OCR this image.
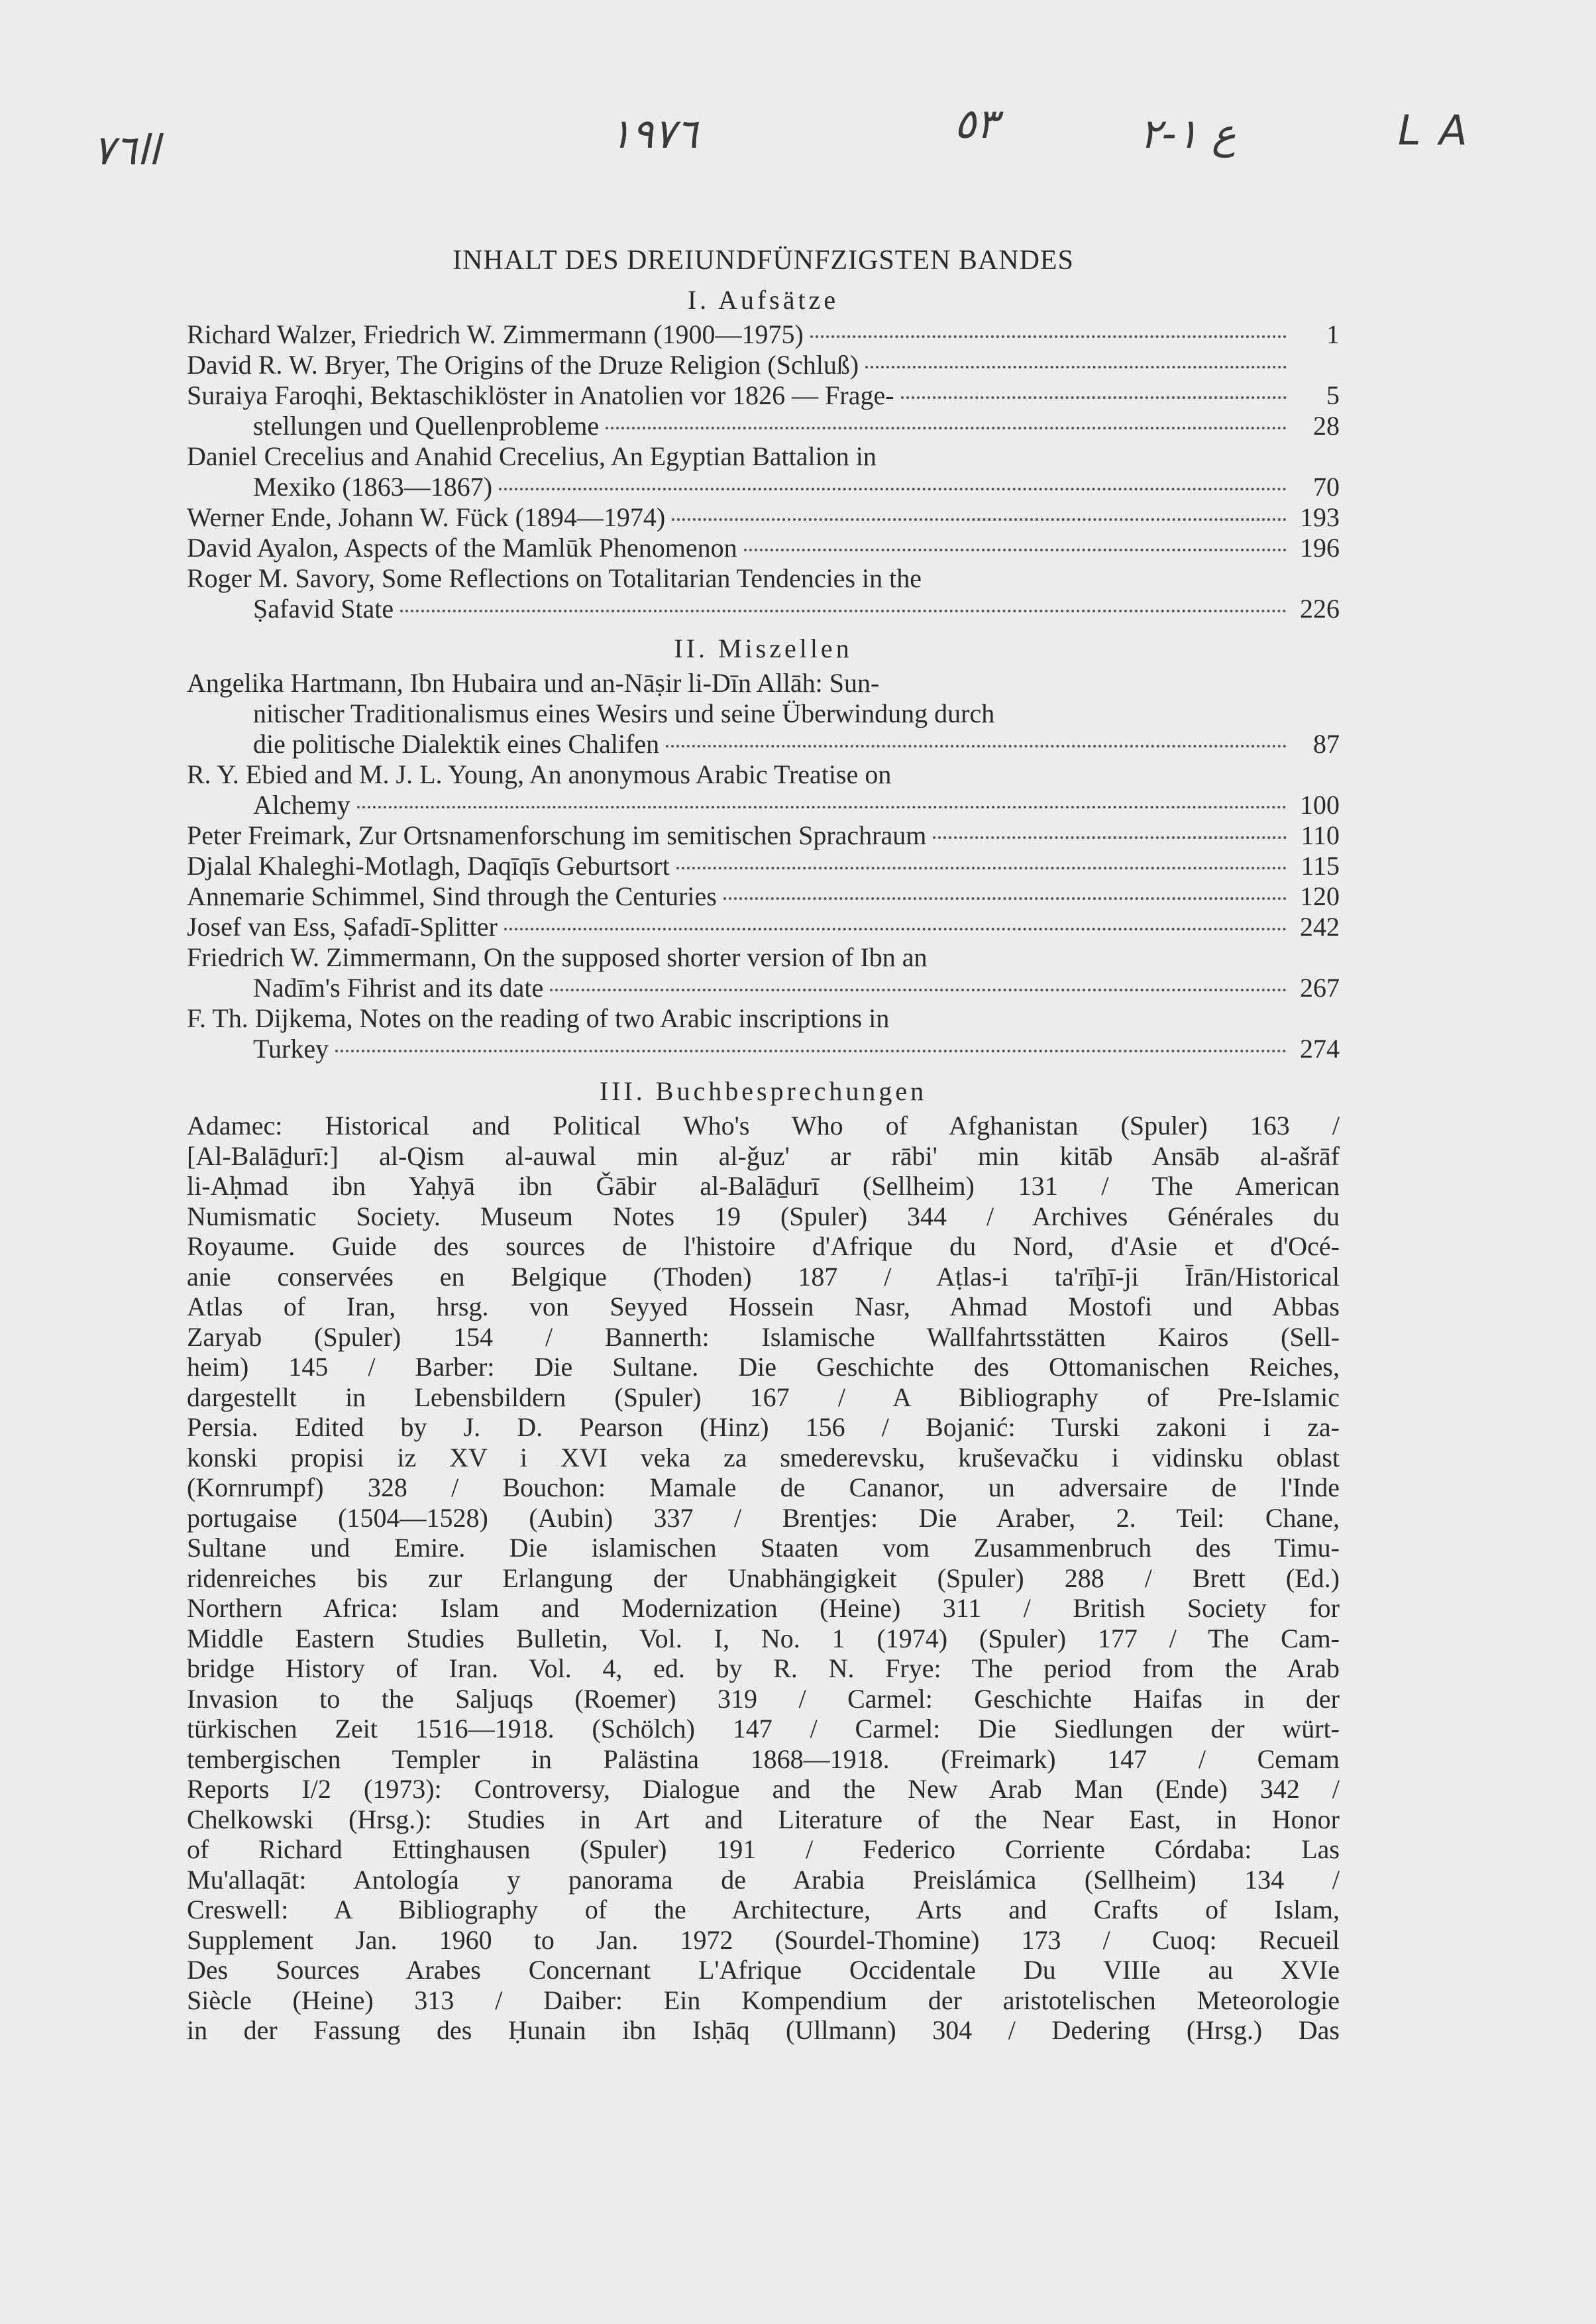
ﺍﺍ٧٦	١٩٧٦	٥٣	ع ١-٢	L A
INHALT DES DREIUNDFÜNFZIGSTEN BANDES
I. Aufsätze
Richard Walzer, Friedrich W. Zimmermann (1900—1975)	1
David R. W. Bryer, The Origins of the Druze Religion (Schluß)
Suraiya Faroqhi, Bektaschiklöster in Anatolien vor 1826 — Frage-	5
stellungen und Quellenprobleme	28
Daniel Crecelius and Anahid Crecelius, An Egyptian Battalion in
Mexiko (1863—1867)	70
Werner Ende, Johann W. Fück (1894—1974)	193
David Ayalon, Aspects of the Mamlūk Phenomenon	196
Roger M. Savory, Some Reflections on Totalitarian Tendencies in the
Ṣafavid State	226
II. Miszellen
Angelika Hartmann, Ibn Hubaira und an-Nāṣir li-Dīn Allāh: Sun-
nitischer Traditionalismus eines Wesirs und seine Überwindung durch
die politische Dialektik eines Chalifen	87
R. Y. Ebied and M. J. L. Young, An anonymous Arabic Treatise on
Alchemy	100
Peter Freimark, Zur Ortsnamenforschung im semitischen Sprachraum	110
Djalal Khaleghi-Motlagh, Daqīqīs Geburtsort	115
Annemarie Schimmel, Sind through the Centuries	120
Josef van Ess, Ṣafadī-Splitter	242
Friedrich W. Zimmermann, On the supposed shorter version of Ibn an
Nadīm's Fihrist and its date	267
F. Th. Dijkema, Notes on the reading of two Arabic inscriptions in
Turkey	274
III. Buchbesprechungen
Adamec: Historical and Political Who's Who of Afghanistan (Spuler) 163 /
[Al-Balāḏurī:] al-Qism al-auwal min al-ǧuz' ar rābi' min kitāb Ansāb al-ašrāf
li-Aḥmad ibn Yaḥyā ibn Ǧābir al-Balāḏurī (Sellheim) 131 / The American
Numismatic Society. Museum Notes 19 (Spuler) 344 / Archives Générales du
Royaume. Guide des sources de l'histoire d'Afrique du Nord, d'Asie et d'Océ-
anie conservées en Belgique (Thoden) 187 / Aṭlas-i ta'rīḫī-ji Īrān/Historical
Atlas of Iran, hrsg. von Seyyed Hossein Nasr, Ahmad Mostofi und Abbas
Zaryab (Spuler) 154 / Bannerth: Islamische Wallfahrtsstätten Kairos (Sell-
heim) 145 / Barber: Die Sultane. Die Geschichte des Ottomanischen Reiches,
dargestellt in Lebensbildern (Spuler) 167 / A Bibliography of Pre-Islamic
Persia. Edited by J. D. Pearson (Hinz) 156 / Bojanić: Turski zakoni i za-
konski propisi iz XV i XVI veka za smederevsku, kruševačku i vidinsku oblast
(Kornrumpf) 328 / Bouchon: Mamale de Cananor, un adversaire de l'Inde
portugaise (1504—1528) (Aubin) 337 / Brentjes: Die Araber, 2. Teil: Chane,
Sultane und Emire. Die islamischen Staaten vom Zusammenbruch des Timu-
ridenreiches bis zur Erlangung der Unabhängigkeit (Spuler) 288 / Brett (Ed.)
Northern Africa: Islam and Modernization (Heine) 311 / British Society for
Middle Eastern Studies Bulletin, Vol. I, No. 1 (1974) (Spuler) 177 / The Cam-
bridge History of Iran. Vol. 4, ed. by R. N. Frye: The period from the Arab
Invasion to the Saljuqs (Roemer) 319 / Carmel: Geschichte Haifas in der
türkischen Zeit 1516—1918. (Schölch) 147 / Carmel: Die Siedlungen der würt-
tembergischen Templer in Palästina 1868—1918. (Freimark) 147 / Cemam
Reports I/2 (1973): Controversy, Dialogue and the New Arab Man (Ende) 342 /
Chelkowski (Hrsg.): Studies in Art and Literature of the Near East, in Honor
of Richard Ettinghausen (Spuler) 191 / Federico Corriente Córdaba: Las
Mu'allaqāt: Antología y panorama de Arabia Preislámica (Sellheim) 134 /
Creswell: A Bibliography of the Architecture, Arts and Crafts of Islam,
Supplement Jan. 1960 to Jan. 1972 (Sourdel-Thomine) 173 / Cuoq: Recueil
Des Sources Arabes Concernant L'Afrique Occidentale Du VIIIe au XVIe
Siècle (Heine) 313 / Daiber: Ein Kompendium der aristotelischen Meteorologie
in der Fassung des Ḥunain ibn Isḥāq (Ullmann) 304 / Dedering (Hrsg.) Das
